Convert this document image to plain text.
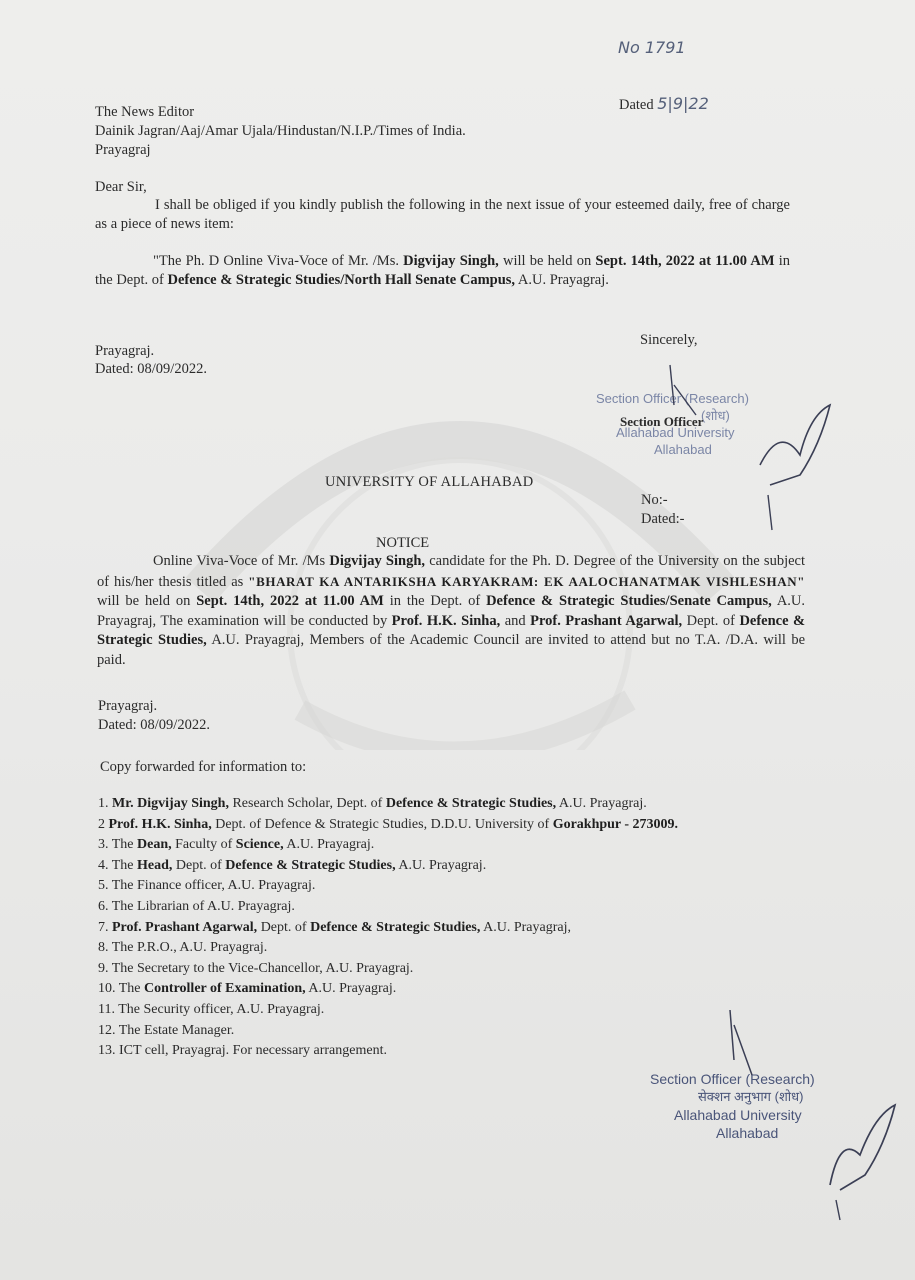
No 1791
Dated 5|9|22
The News Editor
Dainik Jagran/Aaj/Amar Ujala/Hindustan/N.I.P./Times of India.
Prayagraj
Dear Sir,
I shall be obliged if you kindly publish the following in the next issue of your esteemed daily, free of charge as a piece of news item:
"The Ph. D Online Viva-Voce of Mr. /Ms. Digvijay Singh, will be held on Sept. 14th, 2022 at 11.00 AM in the Dept. of Defence & Strategic Studies/North Hall Senate Campus, A.U. Prayagraj.
Sincerely,
Prayagraj.
Dated: 08/09/2022.
Section Officer (Research)
(शोध)
Allahabad University
Allahabad
Section Officer
UNIVERSITY OF ALLAHABAD
No:-
Dated:-
NOTICE
Online Viva-Voce of Mr. /Ms Digvijay Singh, candidate for the Ph. D. Degree of the University on the subject of his/her thesis titled as "BHARAT KA ANTARIKSHA KARYAKRAM: EK AALOCHANATMAK VISHLESHAN" will be held on Sept. 14th, 2022 at 11.00 AM in the Dept. of Defence & Strategic Studies/Senate Campus, A.U. Prayagraj, The examination will be conducted by Prof. H.K. Sinha, and Prof. Prashant Agarwal, Dept. of Defence & Strategic Studies, A.U. Prayagraj, Members of the Academic Council are invited to attend but no T.A. /D.A. will be paid.
Prayagraj.
Dated: 08/09/2022.
Copy forwarded for information to:
1. Mr. Digvijay Singh, Research Scholar, Dept. of Defence & Strategic Studies, A.U. Prayagraj.
2 Prof. H.K. Sinha, Dept. of Defence & Strategic Studies, D.D.U. University of Gorakhpur - 273009.
3. The Dean, Faculty of Science, A.U. Prayagraj.
4. The Head, Dept. of Defence & Strategic Studies, A.U. Prayagraj.
5. The Finance officer, A.U. Prayagraj.
6. The Librarian of A.U. Prayagraj.
7. Prof. Prashant Agarwal, Dept. of Defence & Strategic Studies, A.U. Prayagraj,
8. The P.R.O., A.U. Prayagraj.
9. The Secretary to the Vice-Chancellor, A.U. Prayagraj.
10. The Controller of Examination, A.U. Prayagraj.
11. The Security officer, A.U. Prayagraj.
12. The Estate Manager.
13. ICT cell, Prayagraj. For necessary arrangement.
Section Officer (Research)
सेक्शन अनुभाग (शोध)
Allahabad University
Allahabad
